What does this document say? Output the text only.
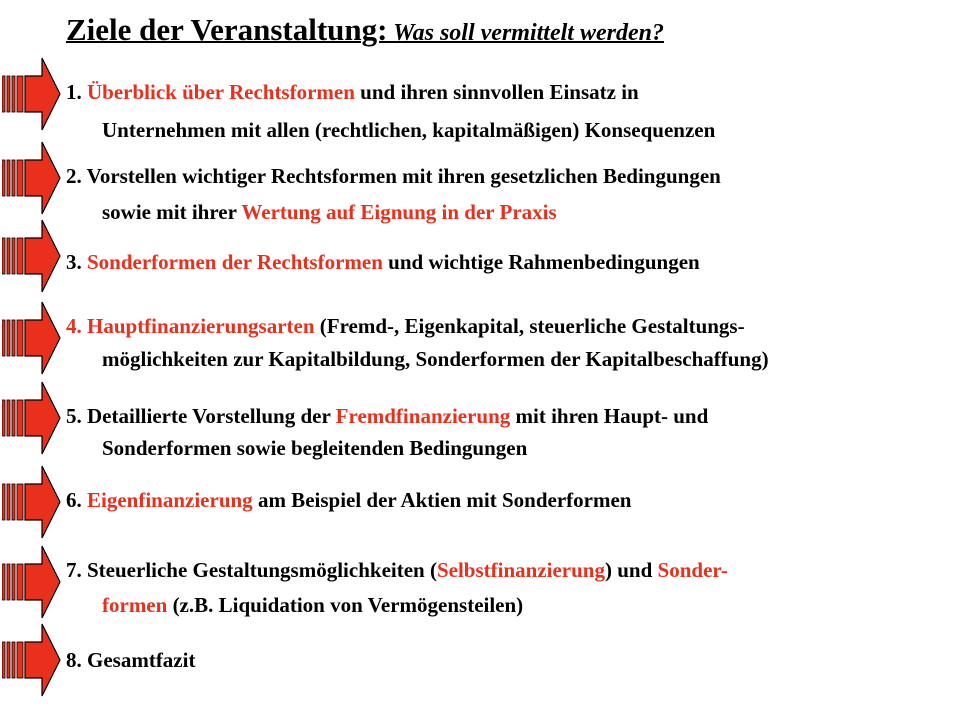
Ziele der Veranstaltung: Was soll vermittelt werden?
1. Überblick über Rechtsformen und ihren sinnvollen Einsatz in
Unternehmen mit allen (rechtlichen, kapitalmäßigen) Konsequenzen
2. Vorstellen wichtiger Rechtsformen mit ihren gesetzlichen Bedingungen
sowie mit ihrer Wertung auf Eignung in der Praxis
3. Sonderformen der Rechtsformen und wichtige Rahmenbedingungen
4. Hauptfinanzierungsarten (Fremd-, Eigenkapital, steuerliche Gestaltungs-
möglichkeiten zur Kapitalbildung, Sonderformen der Kapitalbeschaffung)
5. Detaillierte Vorstellung der Fremdfinanzierung mit ihren Haupt- und
Sonderformen sowie begleitenden Bedingungen
6. Eigenfinanzierung am Beispiel der Aktien mit Sonderformen
7. Steuerliche Gestaltungsmöglichkeiten (Selbstfinanzierung) und Sonder-
formen (z.B. Liquidation von Vermögensteilen)
8. Gesamtfazit
